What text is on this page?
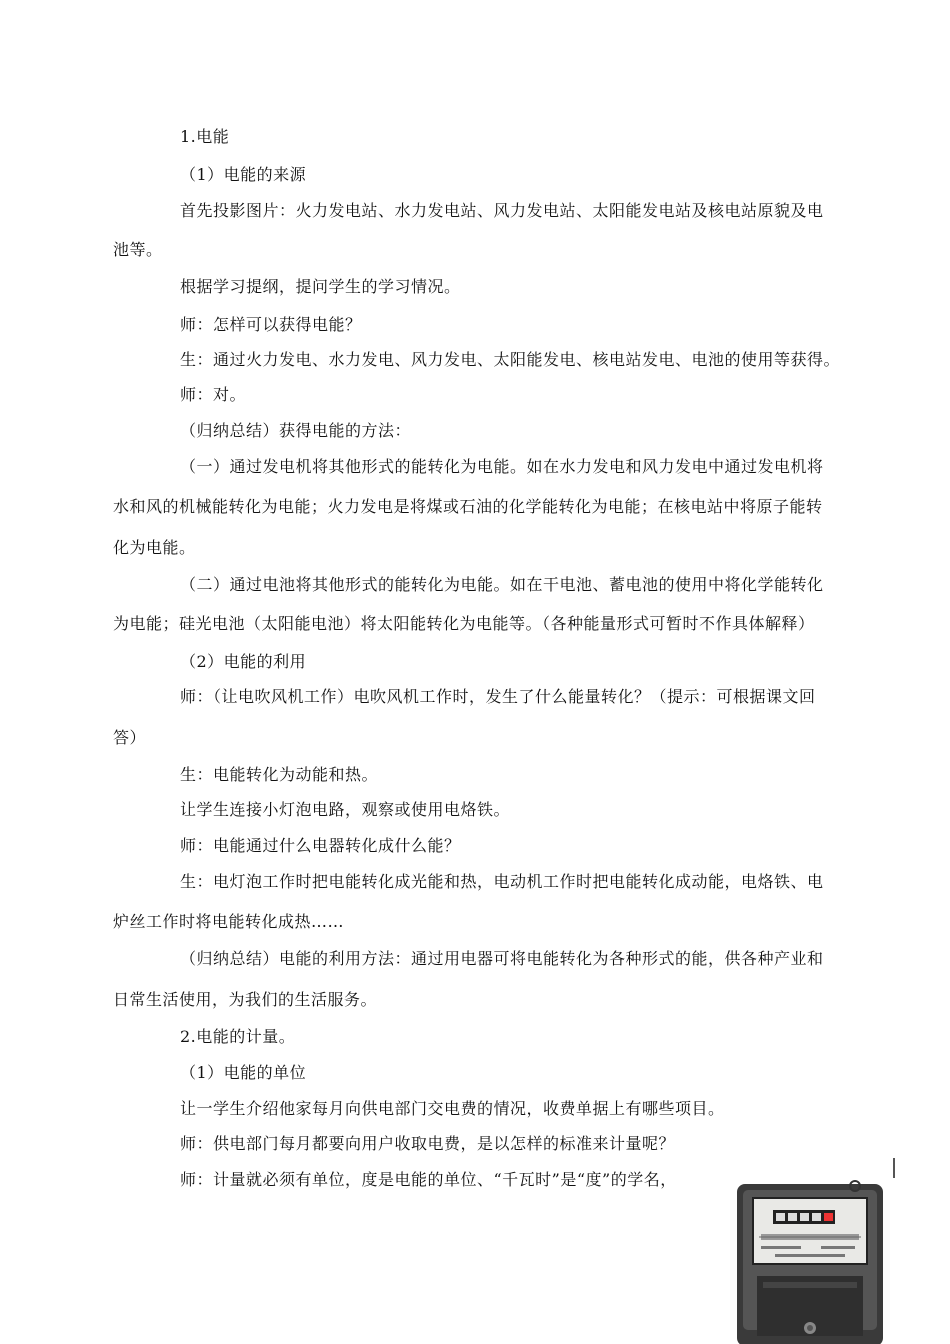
1.电能
（1）电能的来源
首先投影图片：火力发电站、水力发电站、风力发电站、太阳能发电站及核电站原貌及电
池等。
根据学习提纲，提问学生的学习情况。
师：怎样可以获得电能？
生：通过火力发电、水力发电、风力发电、太阳能发电、核电站发电、电池的使用等获得。
师：对。
（归纳总结）获得电能的方法：
（一）通过发电机将其他形式的能转化为电能。如在水力发电和风力发电中通过发电机将
水和风的机械能转化为电能；火力发电是将煤或石油的化学能转化为电能；在核电站中将原子能转
化为电能。
（二）通过电池将其他形式的能转化为电能。如在干电池、蓄电池的使用中将化学能转化
为电能；硅光电池（太阳能电池）将太阳能转化为电能等。（各种能量形式可暂时不作具体解释）
（2）电能的利用
师：（让电吹风机工作）电吹风机工作时，发生了什么能量转化？（提示：可根据课文回
答）
生：电能转化为动能和热。
让学生连接小灯泡电路，观察或使用电烙铁。
师：电能通过什么电器转化成什么能？
生：电灯泡工作时把电能转化成光能和热，电动机工作时把电能转化成动能，电烙铁、电
炉丝工作时将电能转化成热……
（归纳总结）电能的利用方法：通过用电器可将电能转化为各种形式的能，供各种产业和
日常生活使用，为我们的生活服务。
2.电能的计量。
（1）电能的单位
让一学生介绍他家每月向供电部门交电费的情况，收费单据上有哪些项目。
师：供电部门每月都要向用户收取电费，是以怎样的标准来计量呢？
师：计量就必须有单位，度是电能的单位、“千瓦时”是“度”的学名，
